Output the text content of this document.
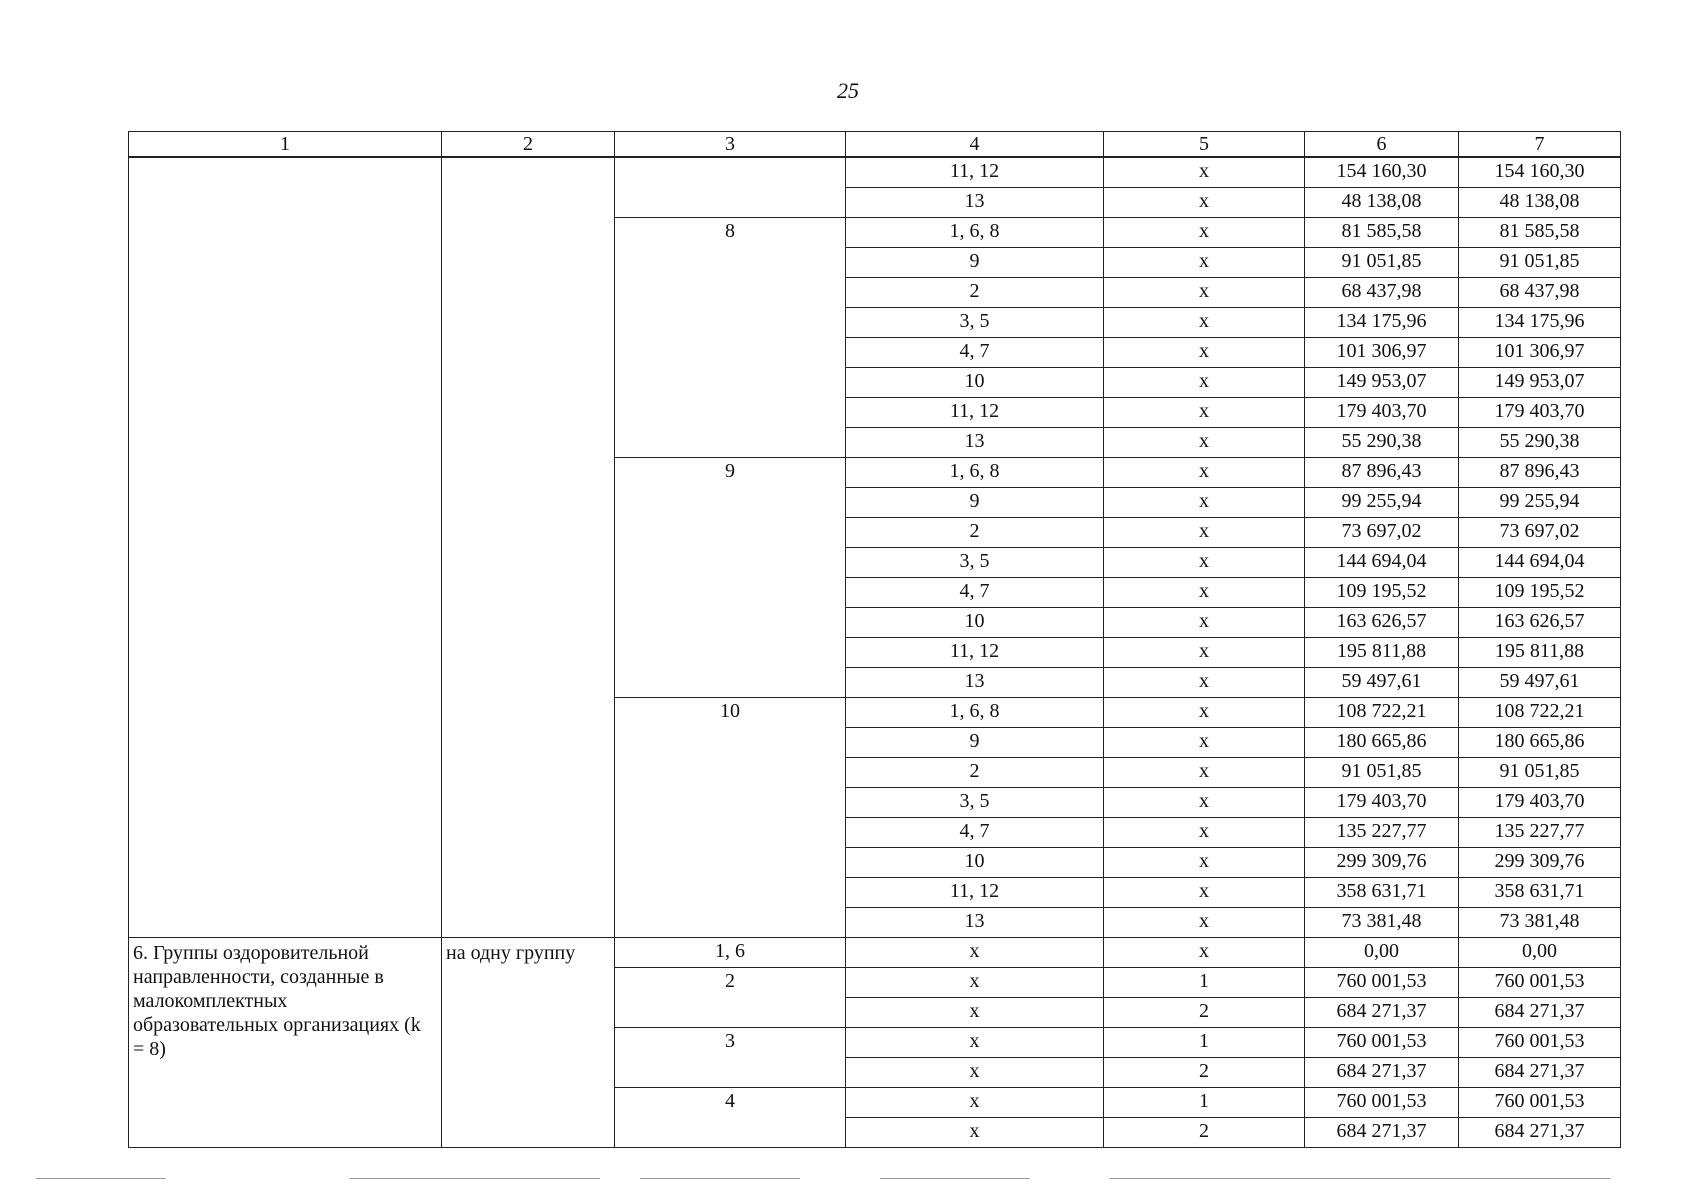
25
1	2	3	4	5	6	7
			11, 12	x	154 160,30	154 160,30
			13	x	48 138,08	48 138,08
		8	1, 6, 8	x	81 585,58	81 585,58
			9	x	91 051,85	91 051,85
			2	x	68 437,98	68 437,98
			3, 5	x	134 175,96	134 175,96
			4, 7	x	101 306,97	101 306,97
			10	x	149 953,07	149 953,07
			11, 12	x	179 403,70	179 403,70
			13	x	55 290,38	55 290,38
		9	1, 6, 8	x	87 896,43	87 896,43
			9	x	99 255,94	99 255,94
			2	x	73 697,02	73 697,02
			3, 5	x	144 694,04	144 694,04
			4, 7	x	109 195,52	109 195,52
			10	x	163 626,57	163 626,57
			11, 12	x	195 811,88	195 811,88
			13	x	59 497,61	59 497,61
		10	1, 6, 8	x	108 722,21	108 722,21
			9	x	180 665,86	180 665,86
			2	x	91 051,85	91 051,85
			3, 5	x	179 403,70	179 403,70
			4, 7	x	135 227,77	135 227,77
			10	x	299 309,76	299 309,76
			11, 12	x	358 631,71	358 631,71
			13	x	73 381,48	73 381,48
6. Группы оздоровительной направленности, созданные в малокомплектных образовательных организациях (k = 8)	на одну группу	1, 6	x	x	0,00	0,00
		2	x	1	760 001,53	760 001,53
			x	2	684 271,37	684 271,37
		3	x	1	760 001,53	760 001,53
			x	2	684 271,37	684 271,37
		4	x	1	760 001,53	760 001,53
			x	2	684 271,37	684 271,37
